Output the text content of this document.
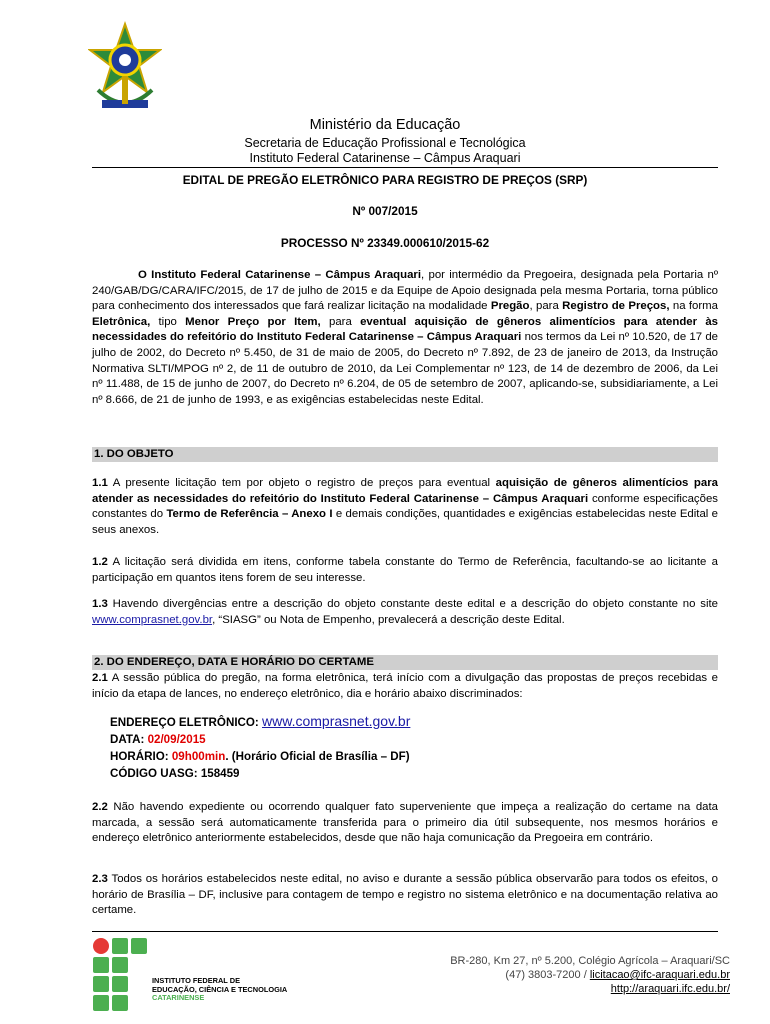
Ministério da Educação
Secretaria de Educação Profissional e Tecnológica
Instituto Federal Catarinense – Câmpus Araquari
EDITAL DE PREGÃO ELETRÔNICO PARA REGISTRO DE PREÇOS (SRP)
Nº 007/2015
PROCESSO Nº 23349.000610/2015-62
O Instituto Federal Catarinense – Câmpus Araquari, por intermédio da Pregoeira, designada pela Portaria nº 240/GAB/DG/CARA/IFC/2015, de 17 de julho de 2015 e da Equipe de Apoio designada pela mesma Portaria, torna público para conhecimento dos interessados que fará realizar licitação na modalidade Pregão, para Registro de Preços, na forma Eletrônica, tipo Menor Preço por Item, para eventual aquisição de gêneros alimentícios para atender às necessidades do refeitório do Instituto Federal Catarinense – Câmpus Araquari nos termos da Lei nº 10.520, de 17 de julho de 2002, do Decreto nº 5.450, de 31 de maio de 2005, do Decreto nº 7.892, de 23 de janeiro de 2013, da Instrução Normativa SLTI/MPOG nº 2, de 11 de outubro de 2010, da Lei Complementar nº 123, de 14 de dezembro de 2006, da Lei nº 11.488, de 15 de junho de 2007, do Decreto nº 6.204, de 05 de setembro de 2007, aplicando-se, subsidiariamente, a Lei nº 8.666, de 21 de junho de 1993, e as exigências estabelecidas neste Edital.
1. DO OBJETO
1.1 A presente licitação tem por objeto o registro de preços para eventual aquisição de gêneros alimentícios para atender as necessidades do refeitório do Instituto Federal Catarinense – Câmpus Araquari conforme especificações constantes do Termo de Referência – Anexo I e demais condições, quantidades e exigências estabelecidas neste Edital e seus anexos.
1.2 A licitação será dividida em itens, conforme tabela constante do Termo de Referência, facultando-se ao licitante a participação em quantos itens forem de seu interesse.
1.3 Havendo divergências entre a descrição do objeto constante deste edital e a descrição do objeto constante no site www.comprasnet.gov.br, “SIASG” ou Nota de Empenho, prevalecerá a descrição deste Edital.
2. DO ENDEREÇO, DATA E HORÁRIO DO CERTAME
2.1 A sessão pública do pregão, na forma eletrônica, terá início com a divulgação das propostas de preços recebidas e início da etapa de lances, no endereço eletrônico, dia e horário abaixo discriminados:
ENDEREÇO ELETRÔNICO: www.comprasnet.gov.br
DATA: 02/09/2015
HORÁRIO: 09h00min. (Horário Oficial de Brasília – DF)
CÓDIGO UASG: 158459
2.2 Não havendo expediente ou ocorrendo qualquer fato superveniente que impeça a realização do certame na data marcada, a sessão será automaticamente transferida para o primeiro dia útil subsequente, nos mesmos horários e endereço eletrônico anteriormente estabelecidos, desde que não haja comunicação da Pregoeira em contrário.
2.3 Todos os horários estabelecidos neste edital, no aviso e durante a sessão pública observarão para todos os efeitos, o horário de Brasília – DF, inclusive para contagem de tempo e registro no sistema eletrônico e na documentação relativa ao certame.
INSTITUTO FEDERAL DE
EDUCAÇÃO, CIÊNCIA E TECNOLOGIA
CATARINENSE
BR-280, Km 27, nº 5.200, Colégio Agrícola – Araquari/SC
(47) 3803-7200 / licitacao@ifc-araquari.edu.br
http://araquari.ifc.edu.br/
